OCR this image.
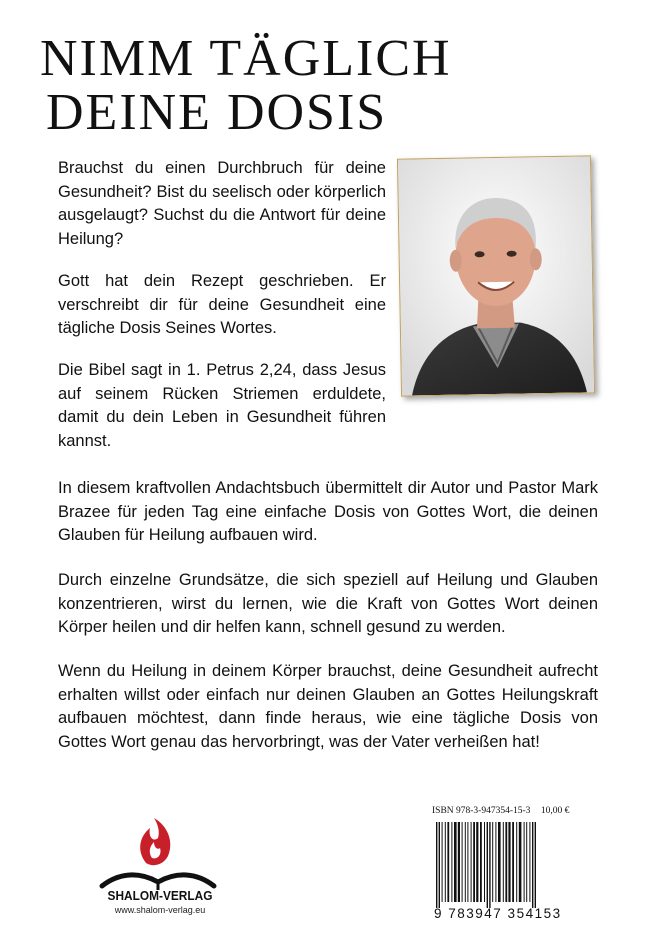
NIMM TÄGLICH
DEINE DOSIS

Brauchst du einen Durchbruch für deine Gesundheit? Bist du seelisch oder körperlich ausgelaugt? Suchst du die Antwort für deine Heilung?

Gott hat dein Rezept geschrieben. Er verschreibt dir für deine Gesundheit eine tägliche Dosis Seines Wortes.

Die Bibel sagt in 1. Petrus 2,24, dass Jesus auf seinem Rücken Striemen erduldete, damit du dein Leben in Gesundheit führen kannst.

In diesem kraftvollen Andachtsbuch übermittelt dir Autor und Pastor Mark Brazee für jeden Tag eine einfache Dosis von Gottes Wort, die deinen Glauben für Heilung aufbauen wird.

Durch einzelne Grundsätze, die sich speziell auf Heilung und Glauben konzentrieren, wirst du lernen, wie die Kraft von Gottes Wort deinen Körper heilen und dir helfen kann, schnell gesund zu werden.

Wenn du Heilung in deinem Körper brauchst, deine Gesundheit aufrecht erhalten willst oder einfach nur deinen Glauben an Gottes Heilungskraft aufbauen möchtest, dann finde heraus, wie eine tägliche Dosis von Gottes Wort genau das hervorbringt, was der Vater verheißen hat!

SHALOM-VERLAG
www.shalom-verlag.eu
ISBN 978-3-947354-15-3 10,00 €
9 783947 354153
